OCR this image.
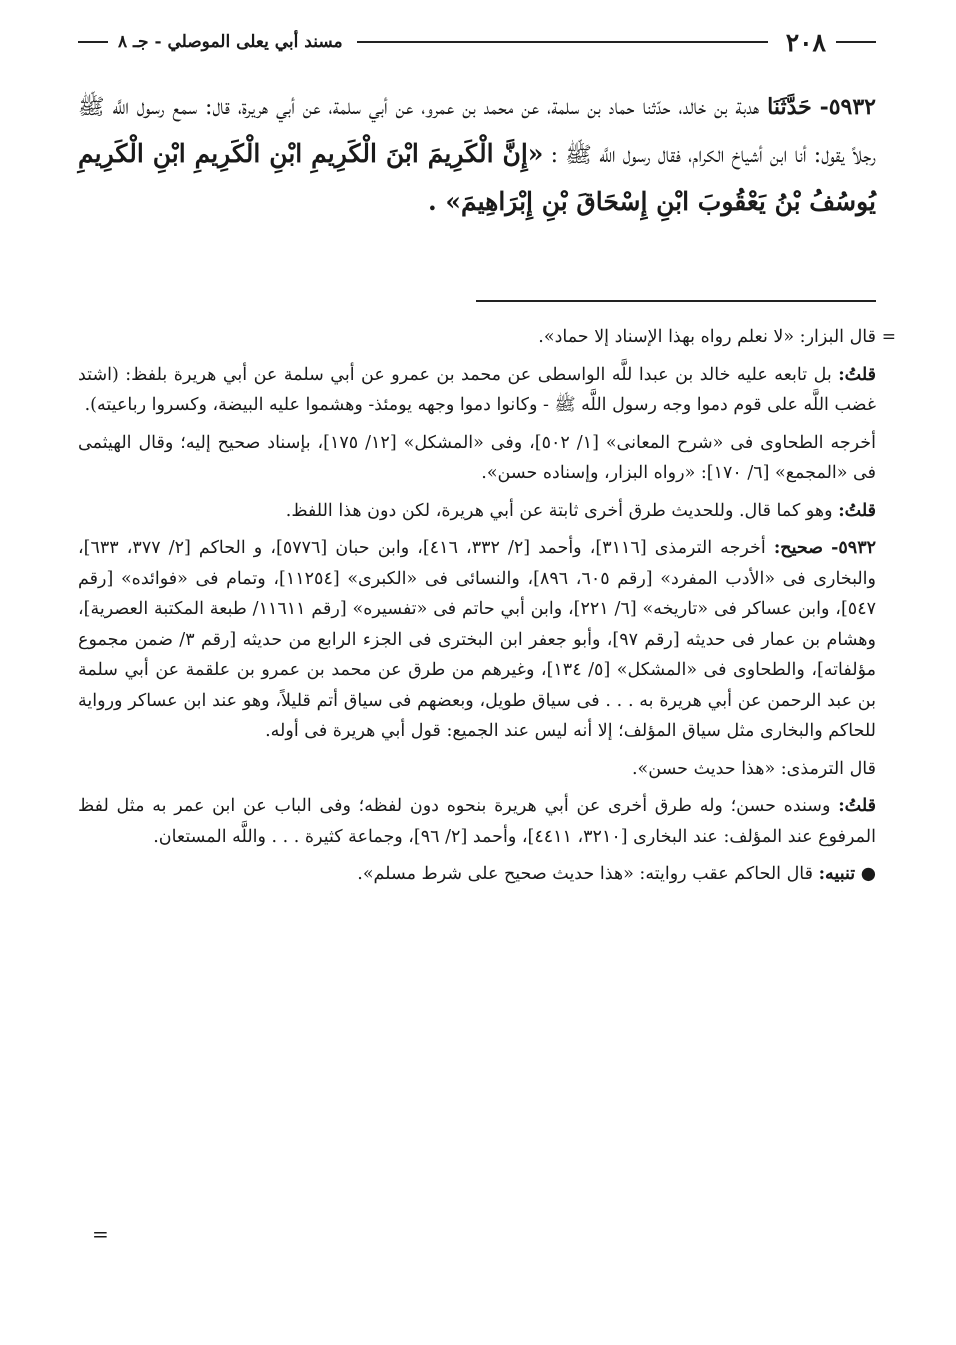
٢٠٨
مسند أبي يعلى الموصلي - جـ ٨

٥٩٣٢- حَدَّثَنَا هدبة بن خالد، حدّثنا حماد بن سلمة، عن محمد بن عمرو، عن أبي سلمة، عن أبي هريرة، قال: سمع رسول اللَّه ﷺ رجلاً يقول: أنا ابن أشياخ الكرام، فقال رسول اللَّه ﷺ : «إِنَّ الْكَرِيمَ ابْنَ الْكَرِيمِ ابْنِ الْكَرِيمِ ابْنِ الْكَرِيمِ يُوسُفُ بْنُ يَعْقُوبَ ابْنِ إِسْحَاقَ بْنِ إِبْرَاهِيمَ» .

=
قال البزار: «لا نعلم رواه بهذا الإسناد إلا حماد».

قلتُ: بل تابعه عليه خالد بن عبدا للَّه الواسطى عن محمد بن عمرو عن أبي سلمة عن أبي هريرة بلفظ: (اشتد غضب اللَّه على قوم دموا وجه رسول اللَّه ﷺ - وكانوا دموا وجهه يومئذ- وهشموا عليه البيضة، وكسروا رباعيته).

أخرجه الطحاوى فى «شرح المعانى» [١/ ٥٠٢]، وفى «المشكل» [١٢/ ١٧٥]، بإسناد صحيح إليه؛ وقال الهيثمى فى «المجمع» [٦/ ١٧٠]: «رواه البزار، وإسناده حسن».

قلتُ: وهو كما قال. وللحديث طرق أخرى ثابتة عن أبي هريرة، لكن دون هذا اللفظ.

٥٩٣٢- صحيح: أخرجه الترمذى [٣١١٦]، وأحمد [٢/ ٣٣٢، ٤١٦]، وابن حبان [٥٧٧٦]، و الحاكم [٢/ ٣٧٧، ٦٣٣]، والبخارى فى «الأدب المفرد» [رقم ٦٠٥، ٨٩٦]، والنسائى فى «الكبرى» [١١٢٥٤]، وتمام فى «فوائده» [رقم ٥٤٧]، وابن عساكر فى «تاريخه» [٦/ ٢٢١]، وابن أبي حاتم فى «تفسيره» [رقم ١١٦١١/ طبعة المكتبة العصرية]، وهشام بن عمار فى حديثه [رقم ٩٧]، وأبو جعفر ابن البخترى فى الجزء الرابع من حديثه [رقم ٣/ ضمن مجموع مؤلفاته]، والطحاوى فى «المشكل» [٥/ ١٣٤]، وغيرهم من طرق عن محمد بن عمرو بن علقمة عن أبي سلمة بن عبد الرحمن عن أبي هريرة به . . . فى سياق طويل، وبعضهم فى سياق أتم قليلاً، وهو عند ابن عساكر ورواية للحاكم والبخارى مثل سياق المؤلف؛ إلا أنه ليس عند الجميع: قول أبي هريرة فى أوله.

قال الترمذى: «هذا حديث حسن».

قلتُ: وسنده حسن؛ وله طرق أخرى عن أبي هريرة بنحوه دون لفظه؛ وفى الباب عن ابن عمر به مثل لفظ المرفوع عند المؤلف: عند البخارى [٣٢١٠، ٤٤١١]، وأحمد [٢/ ٩٦]، وجماعة كثيرة . . . واللَّه المستعان.

● تنبيه: قال الحاكم عقب روايته: «هذا حديث صحيح على شرط مسلم».

=
